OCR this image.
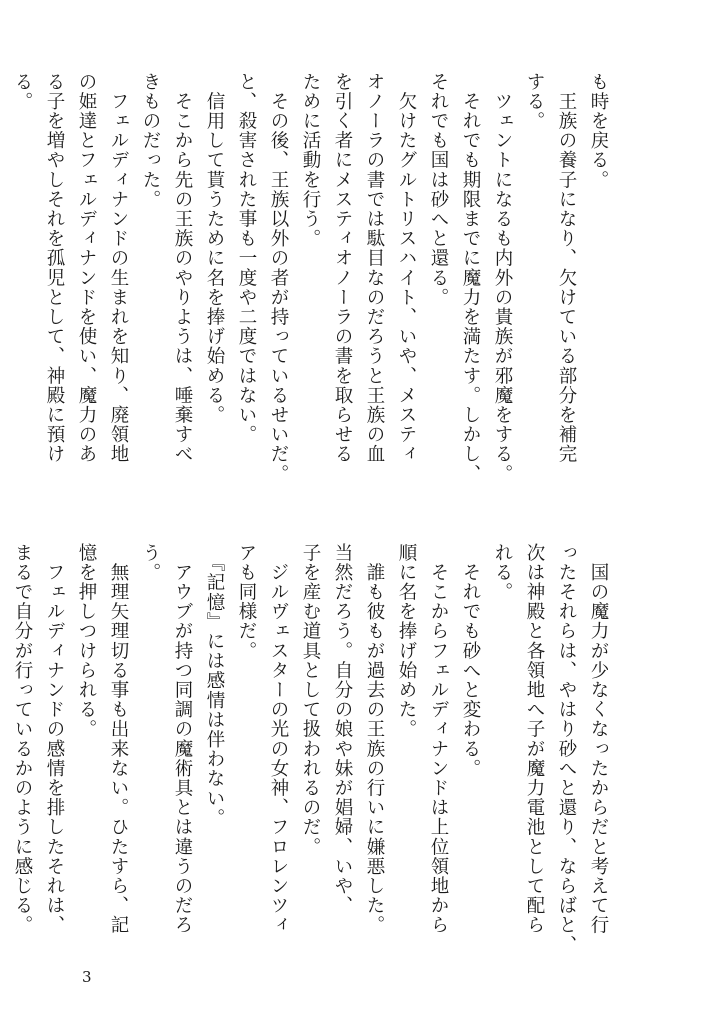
も時を戻る。
　王族の養子になり、欠けている部分を補完
する。
　ツェントになるも内外の貴族が邪魔をする。
　それでも期限までに魔力を満たす。しかし、
それでも国は砂へと還る。
　欠けたグルトリスハイト、いや、メスティ
オノーラの書では駄目なのだろうと王族の血
を引く者にメスティオノーラの書を取らせる
ために活動を行う。
　その後、王族以外の者が持っているせいだ。
と、殺害された事も一度や二度ではない。
　信用して貰うために名を捧げ始める。
　そこから先の王族のやりようは、唾棄すべ
きものだった。
　フェルディナンドの生まれを知り、廃領地
の姫達とフェルディナンドを使い、魔力のあ
る子を増やしそれを孤児として、神殿に預け
る。
　国の魔力が少なくなったからだと考えて行
ったそれらは、やはり砂へと還り、ならばと、
次は神殿と各領地へ子が魔力電池として配ら
れる。
　それでも砂へと変わる。
　そこからフェルディナンドは上位領地から
順に名を捧げ始めた。
　誰も彼もが過去の王族の行いに嫌悪した。
当然だろう。自分の娘や妹が娼婦、いや、
子を産む道具として扱われるのだ。
　ジルヴェスターの光の女神、フロレンツィ
アも同様だ。
　『記憶』には感情は伴わない。
　アウブが持つ同調の魔術具とは違うのだろ
う。
　無理矢理切る事も出来ない。ひたすら、記
憶を押しつけられる。
　フェルディナンドの感情を排したそれは、
まるで自分が行っているかのように感じる。
3
